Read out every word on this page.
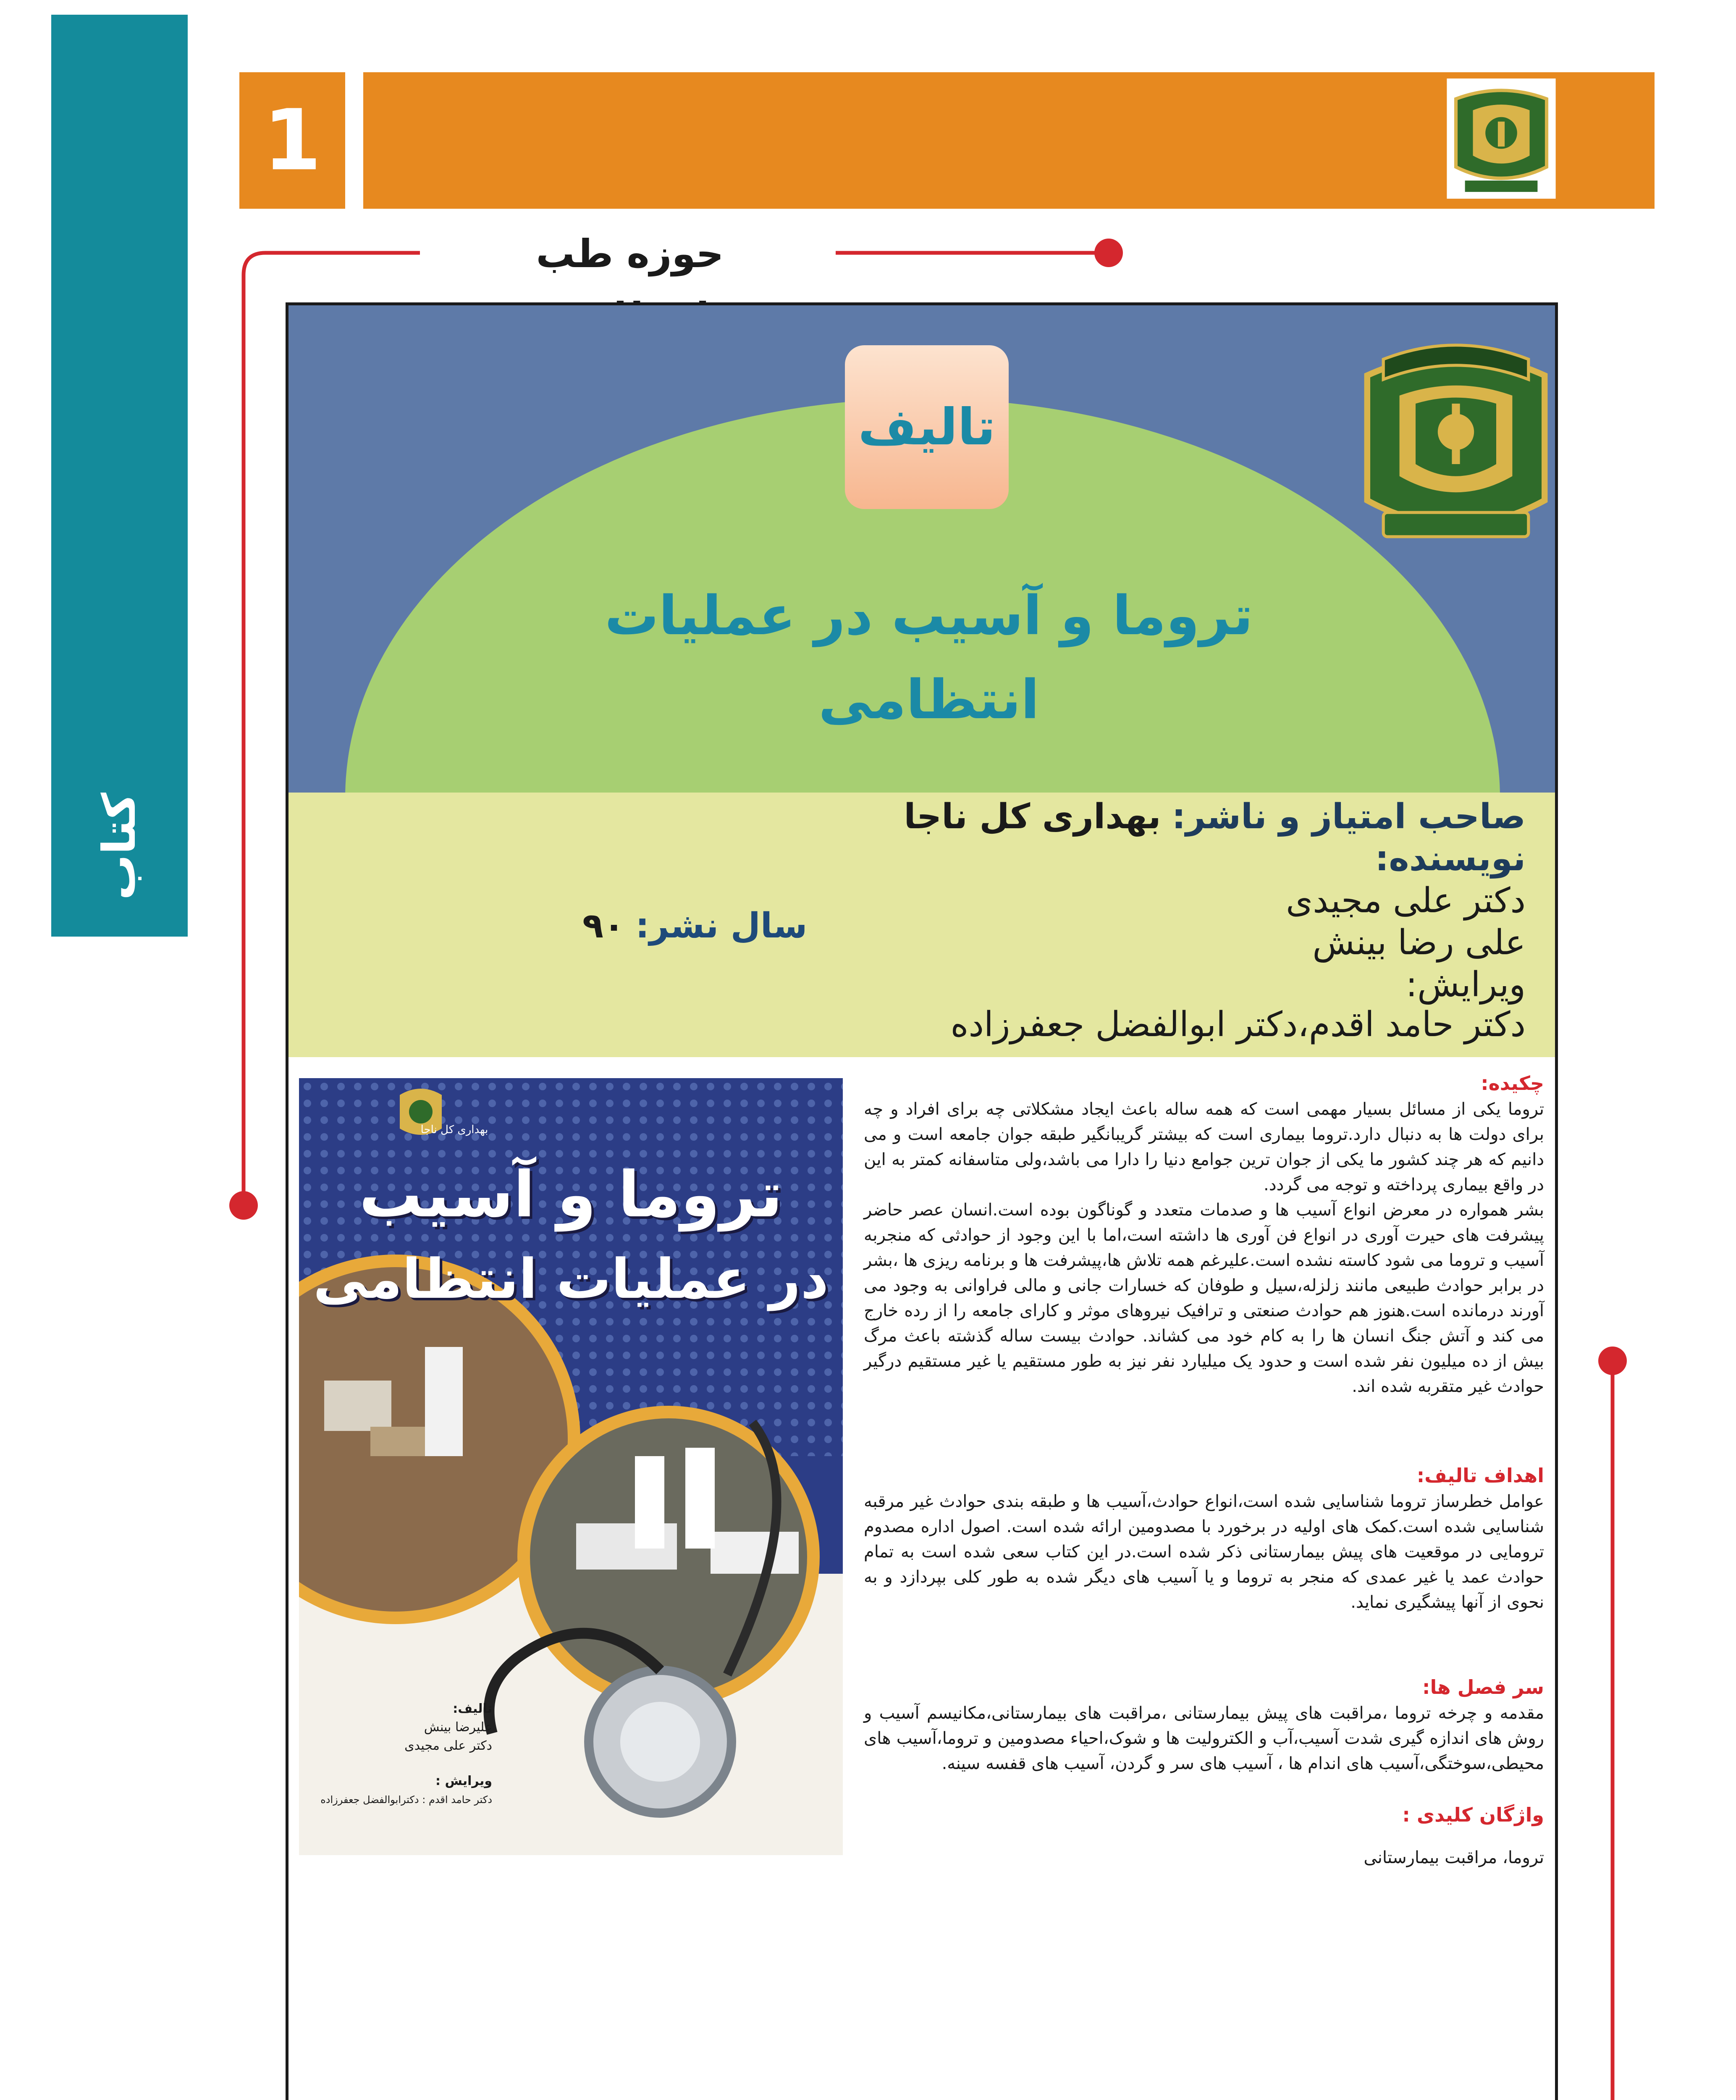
کتاب
1
حوزه طب
تالیف
تروما و آسیب در عملیات
انتظامی
صاحب امتیاز و ناشر: بهداری کل ناجا
نویسنده:
دکتر علی مجیدی
علی رضا بینش
ویرایش:
دکتر حامد اقدم،دکتر ابوالفضل جعفرزاده
سال نشر: ۹۰
تروما و آسیب
در عملیات انتظامی
بهداری کل ناجا
تالیف:
علیرضا بینش
دکتر علی مجیدی
ویرایش :
دکتر حامد اقدم : دکترابوالفضل جعفرزاده

چکیده:

تروما یکی از مسائل بسیار مهمی است که همه ساله باعث ایجاد مشکلاتی چه برای افراد و چه برای دولت ها به دنبال دارد.تروما بیماری است که بیشتر گریبانگیر طبقه جوان جامعه است و می دانیم که هر چند کشور ما یکی از جوان ترین جوامع دنیا را دارا می باشد،ولی متاسفانه کمتر به این در واقع بیماری پرداخته و توجه می گردد.

بشر همواره در معرض انواع آسیب ها و صدمات متعدد و گوناگون بوده است.انسان عصر حاضر پیشرفت های حیرت آوری در انواع فن آوری ها داشته است،اما با این وجود از حوادثی که منجربه آسیب و تروما می شود کاسته نشده است.علیرغم همه تلاش ها،پیشرفت ها و برنامه ریزی ها ،بشر در برابر حوادث طبیعی مانند زلزله،سیل و طوفان که خسارات جانی و مالی فراوانی به وجود می آورند درمانده است.هنوز هم حوادث صنعتی و ترافیک نیروهای موثر و کارای جامعه را از رده خارج می کند و آتش جنگ انسان ها را به کام خود می کشاند. حوادث بیست ساله گذشته باعث مرگ بیش از ده میلیون نفر شده است و حدود یک میلیارد نفر نیز به طور مستقیم یا غیر مستقیم درگیر حوادث غیر متقربه شده اند.

اهداف تالیف:

عوامل خطرساز تروما شناسایی شده است،انواع حوادث،آسیب ها و طبقه بندی حوادث غیر مرقبه شناسایی شده است.کمک های اولیه در برخورد با مصدومین ارائه شده است. اصول اداره مصدوم ترومایی در موقعیت های پیش بیمارستانی ذکر شده است.در این کتاب سعی شده است به تمام حوادث عمد یا غیر عمدی که منجر به تروما و یا آسیب های دیگر شده به طور کلی بپردازد و به نحوی از آنها پیشگیری نماید.

سر فصل ها:

مقدمه و چرخه تروما ،مراقبت های پیش بیمارستانی ،مراقبت های بیمارستانی،مکانیسم آسیب و روش های اندازه گیری شدت آسیب،آب و الکترولیت ها و شوک،احیاء مصدومین و تروما،آسیب های محیطی،سوختگی،آسیب های اندام ها ، آسیب های سر و گردن، آسیب های قفسه سینه.

واژگان کلیدی :

تروما، مراقبت بیمارستانی
